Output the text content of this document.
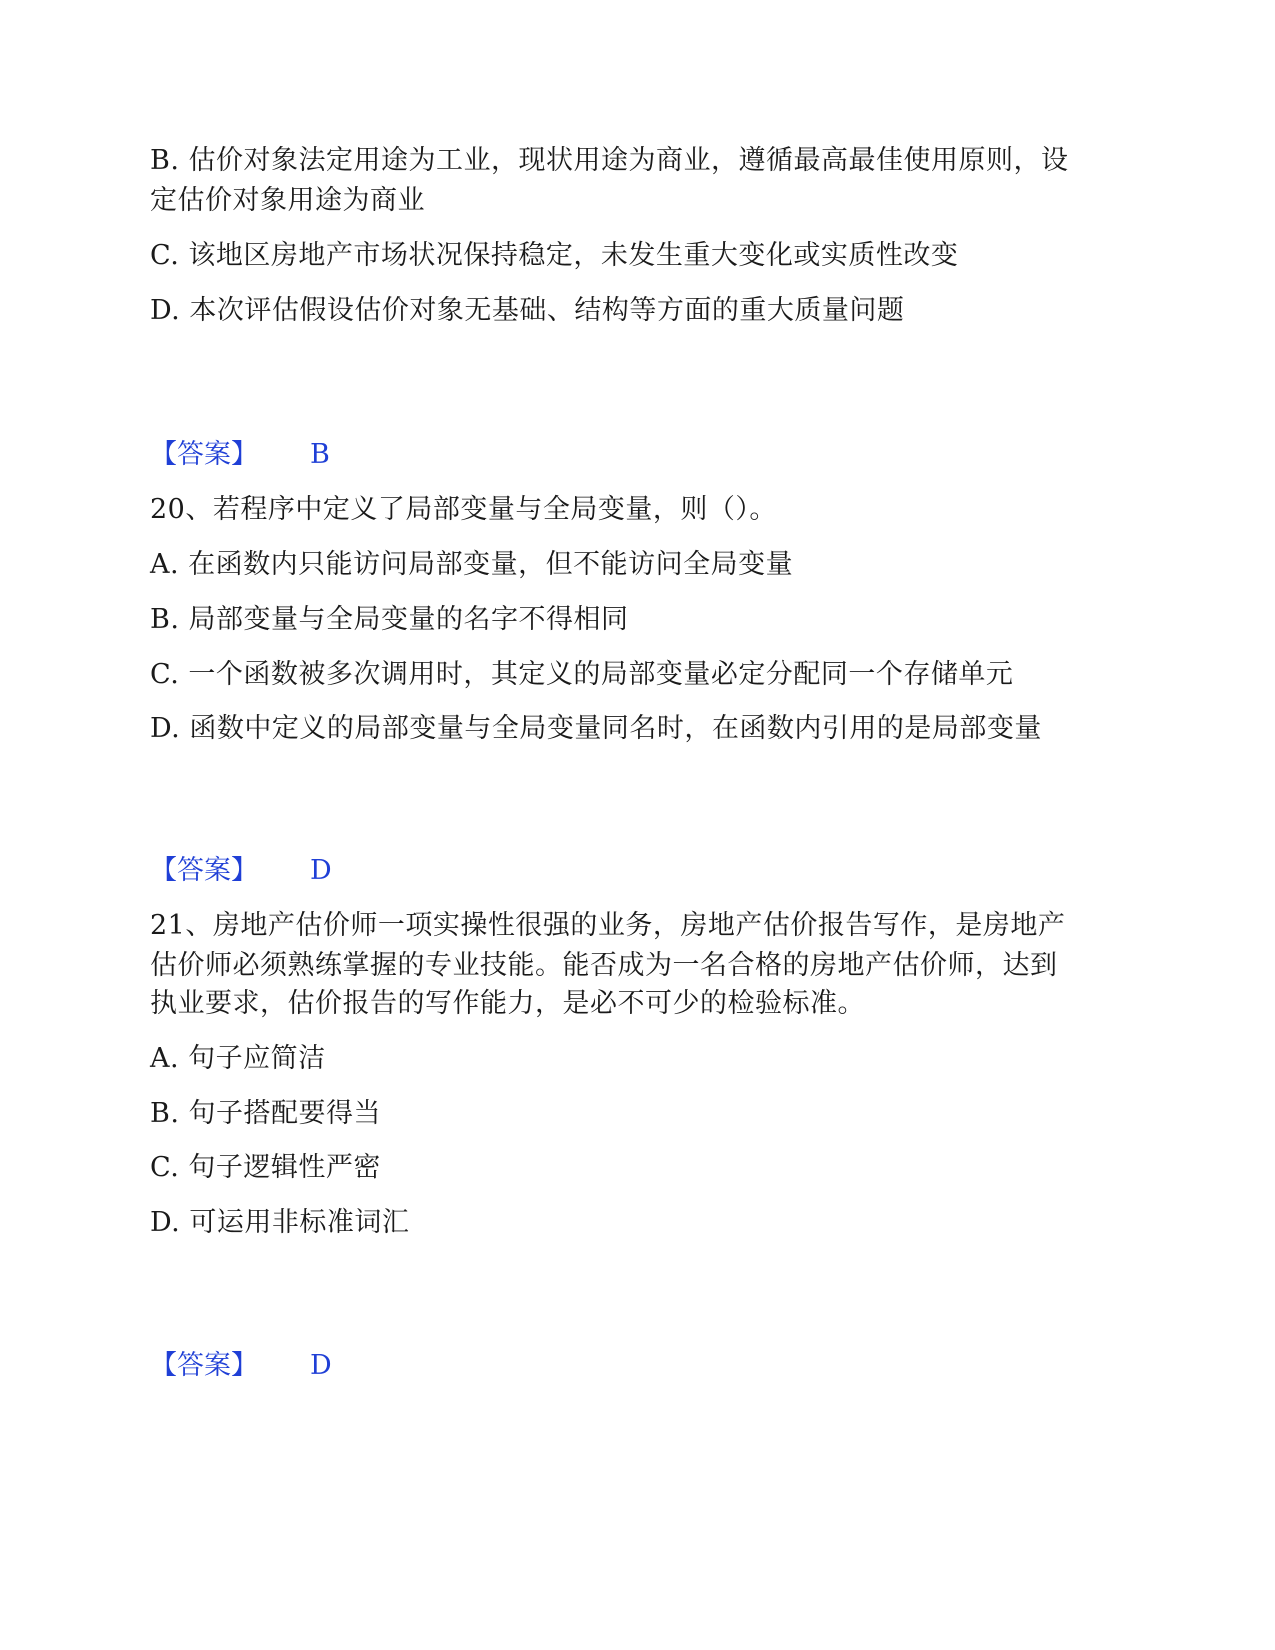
B. 估价对象法定用途为工业，现状用途为商业，遵循最高最佳使用原则，设
定估价对象用途为商业
C. 该地区房地产市场状况保持稳定，未发生重大变化或实质性改变
D. 本次评估假设估价对象无基础、结构等方面的重大质量问题
【答案】 B
20、若程序中定义了局部变量与全局变量，则（）。
A. 在函数内只能访问局部变量，但不能访问全局变量
B. 局部变量与全局变量的名字不得相同
C. 一个函数被多次调用时，其定义的局部变量必定分配同一个存储单元
D. 函数中定义的局部变量与全局变量同名时，在函数内引用的是局部变量
【答案】 D
21、房地产估价师一项实操性很强的业务，房地产估价报告写作，是房地产
估价师必须熟练掌握的专业技能。能否成为一名合格的房地产估价师，达到
执业要求，估价报告的写作能力，是必不可少的检验标准。
A. 句子应简洁
B. 句子搭配要得当
C. 句子逻辑性严密
D. 可运用非标准词汇
【答案】 D
